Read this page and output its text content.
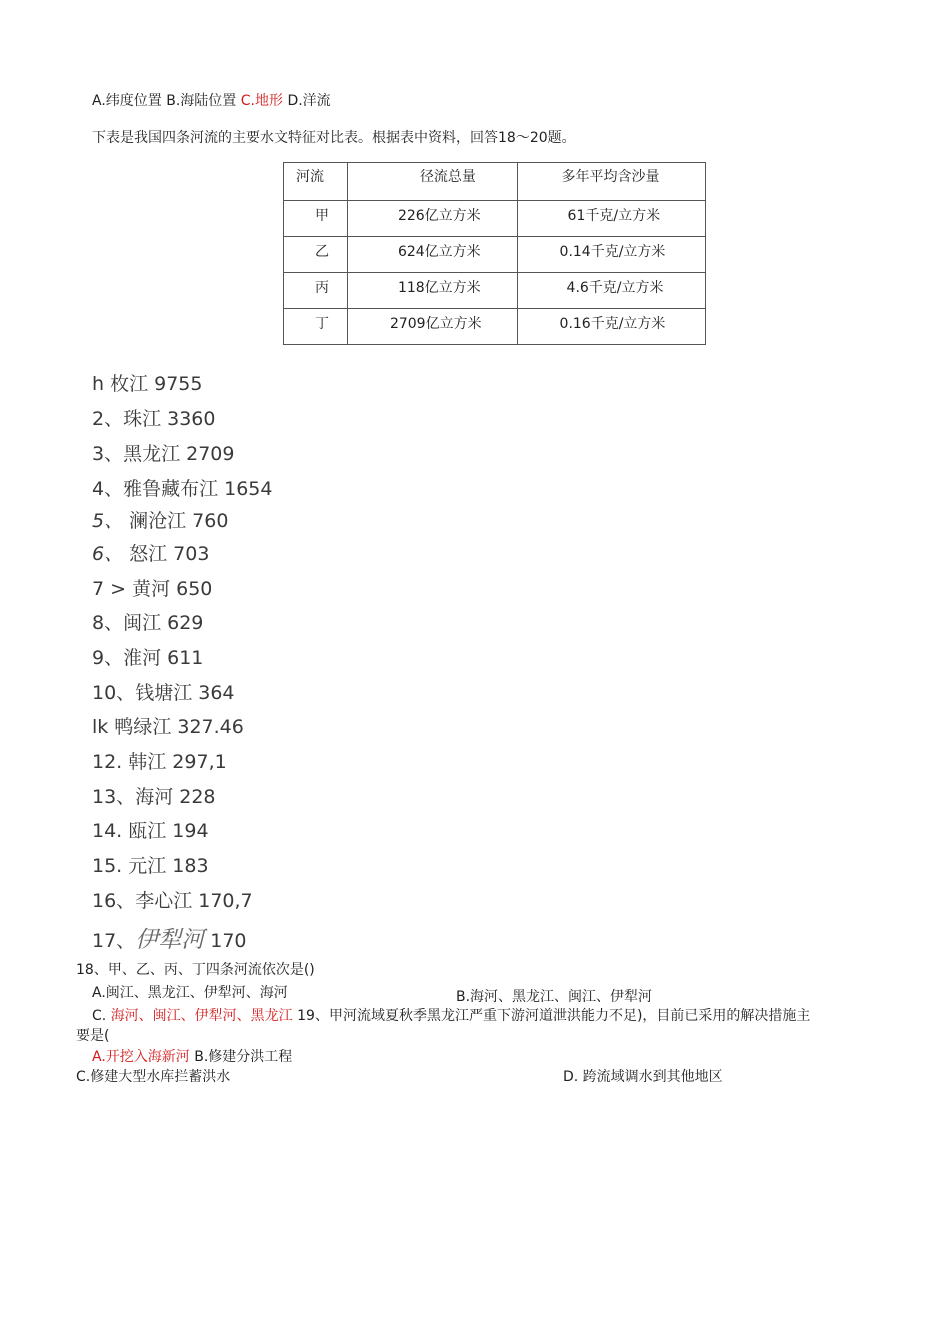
A.纬度位置 B.海陆位置 C.地形 D.洋流
下表是我国四条河流的主要水文特征对比表。根据表中资料，回答18〜20题。
河流	径流总量	多年平均含沙量
甲	226亿立方米	61千克/立方米
乙	624亿立方米	0.14千克/立方米
丙	118亿立方米	4.6千克/立方米
丁	2709亿立方米	0.16千克/立方米
h 枚江 9755
2、珠江 3360
3、黑龙江 2709
4、雅鲁藏布江 1654
5、 澜沧江 760
6、 怒江 703
7 > 黄河 650
8、闽江 629
9、淮河 611
10、钱塘江 364
lk 鸭绿江 327.46
12. 韩江 297,1
13、海河 228
14. 瓯江 194
15. 元江 183
16、李心江 170,7
17、伊犁河 170
18、甲、乙、丙、丁四条河流依次是()
A.闽江、黑龙江、伊犁河、海河	B.海河、黑龙江、闽江、伊犁河
C. 海河、闽江、伊犁河、黑龙江 19、甲河流域夏秋季黑龙江严重下游河道泄洪能力不足)，目前已采用的解决措施主
要是(
A.开挖入海新河 B.修建分洪工程
C.修建大型水库拦蓄洪水	D. 跨流域调水到其他地区
